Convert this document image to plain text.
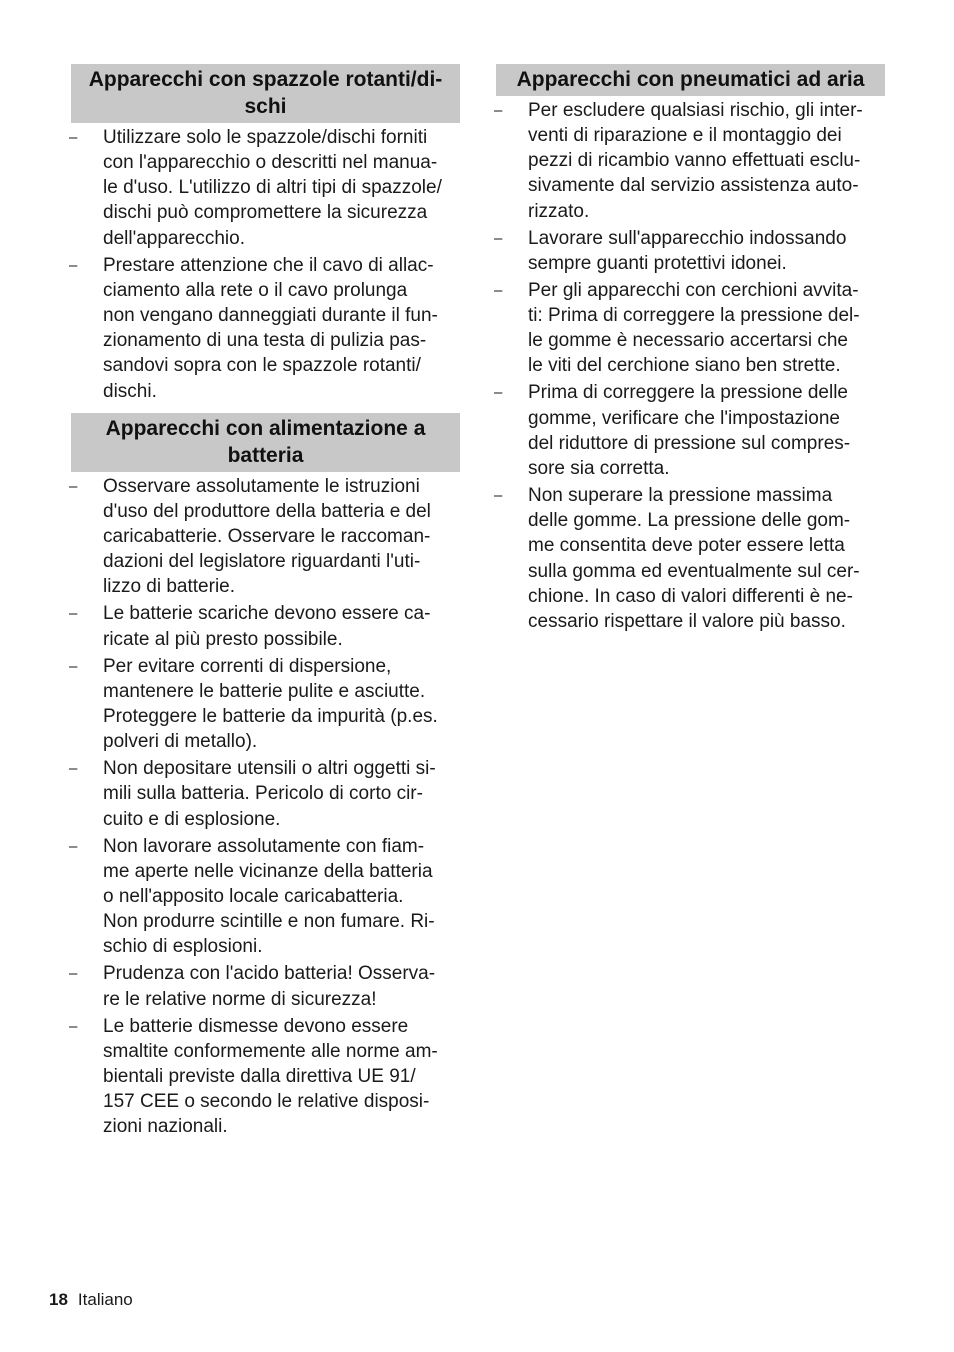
Apparecchi con spazzole rotanti/di-
schi
– Utilizzare solo le spazzole/dischi forniti
con l'apparecchio o descritti nel manua-
le d'uso. L'utilizzo di altri tipi di spazzole/
dischi può compromettere la sicurezza
dell'apparecchio.
– Prestare attenzione che il cavo di allac-
ciamento alla rete o il cavo prolunga
non vengano danneggiati durante il fun-
zionamento di una testa di pulizia pas-
sandovi sopra con le spazzole rotanti/
dischi.
Apparecchi con alimentazione a
batteria
– Osservare assolutamente le istruzioni
d'uso del produttore della batteria e del
caricabatterie. Osservare le raccoman-
dazioni del legislatore riguardanti l'uti-
lizzo di batterie.
– Le batterie scariche devono essere ca-
ricate al più presto possibile.
– Per evitare correnti di dispersione,
mantenere le batterie pulite e asciutte.
Proteggere le batterie da impurità (p.es.
polveri di metallo).
– Non depositare utensili o altri oggetti si-
mili sulla batteria. Pericolo di corto cir-
cuito e di esplosione.
– Non lavorare assolutamente con fiam-
me aperte nelle vicinanze della batteria
o nell'apposito locale caricabatteria.
Non produrre scintille e non fumare. Ri-
schio di esplosioni.
– Prudenza con l'acido batteria! Osserva-
re le relative norme di sicurezza!
– Le batterie dismesse devono essere
smaltite conformemente alle norme am-
bientali previste dalla direttiva UE 91/
157 CEE o secondo le relative disposi-
zioni nazionali.
Apparecchi con pneumatici ad aria
– Per escludere qualsiasi rischio, gli inter-
venti di riparazione e il montaggio dei
pezzi di ricambio vanno effettuati esclu-
sivamente dal servizio assistenza auto-
rizzato.
– Lavorare sull'apparecchio indossando
sempre guanti protettivi idonei.
– Per gli apparecchi con cerchioni avvita-
ti: Prima di correggere la pressione del-
le gomme è necessario accertarsi che
le viti del cerchione siano ben strette.
– Prima di correggere la pressione delle
gomme, verificare che l'impostazione
del riduttore di pressione sul compres-
sore sia corretta.
– Non superare la pressione massima
delle gomme. La pressione delle gom-
me consentita deve poter essere letta
sulla gomma ed eventualmente sul cer-
chione. In caso di valori differenti è ne-
cessario rispettare il valore più basso.
18 Italiano
